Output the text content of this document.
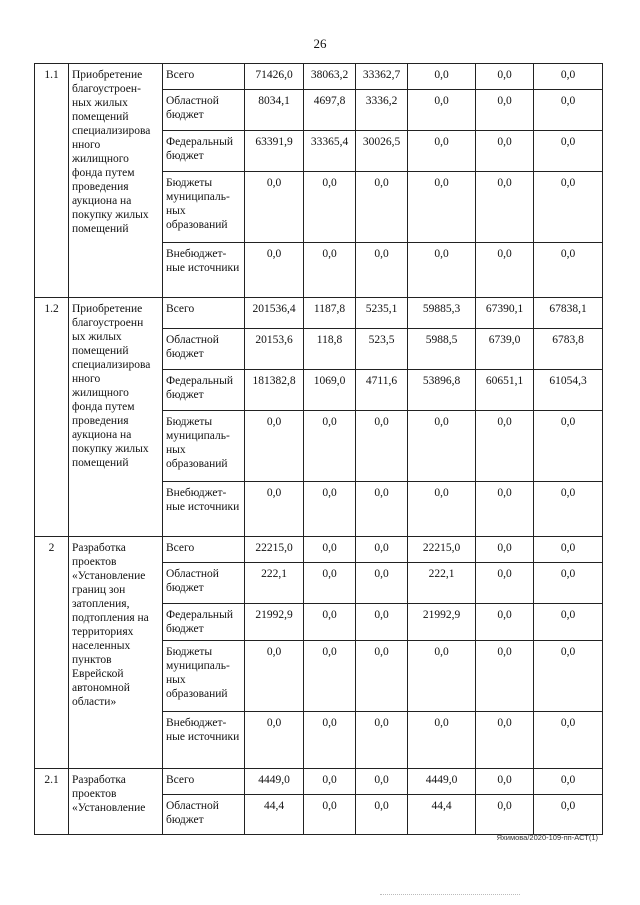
26
1.1	Приобретение благоустроен-ных жилых помещений специализирова нного жилищного фонда путем проведения аукциона на покупку жилых помещений	Всего	71426,0	38063,2	33362,7	0,0	0,0	0,0
		Областной бюджет	8034,1	4697,8	3336,2	0,0	0,0	0,0
		Федеральный бюджет	63391,9	33365,4	30026,5	0,0	0,0	0,0
		Бюджеты муниципаль-ных образований	0,0	0,0	0,0	0,0	0,0	0,0
		Внебюджет-ные источники	0,0	0,0	0,0	0,0	0,0	0,0
1.2	Приобретение благоустроенн ых жилых помещений специализирова нного жилищного фонда путем проведения аукциона на покупку жилых помещений	Всего	201536,4	1187,8	5235,1	59885,3	67390,1	67838,1
		Областной бюджет	20153,6	118,8	523,5	5988,5	6739,0	6783,8
		Федеральный бюджет	181382,8	1069,0	4711,6	53896,8	60651,1	61054,3
		Бюджеты муниципаль-ных образований	0,0	0,0	0,0	0,0	0,0	0,0
		Внебюджет-ные источники	0,0	0,0	0,0	0,0	0,0	0,0
2	Разработка проектов «Установление границ зон затопления, подтопления на территориях населенных пунктов Еврейской автономной области»	Всего	22215,0	0,0	0,0	22215,0	0,0	0,0
		Областной бюджет	222,1	0,0	0,0	222,1	0,0	0,0
		Федеральный бюджет	21992,9	0,0	0,0	21992,9	0,0	0,0
		Бюджеты муниципаль-ных образований	0,0	0,0	0,0	0,0	0,0	0,0
		Внебюджет-ные источники	0,0	0,0	0,0	0,0	0,0	0,0
2.1	Разработка проектов «Установление	Всего	4449,0	0,0	0,0	4449,0	0,0	0,0
		Областной бюджет	44,4	0,0	0,0	44,4	0,0	0,0
Яхимова/2020-109-пп-АСТ(1)
